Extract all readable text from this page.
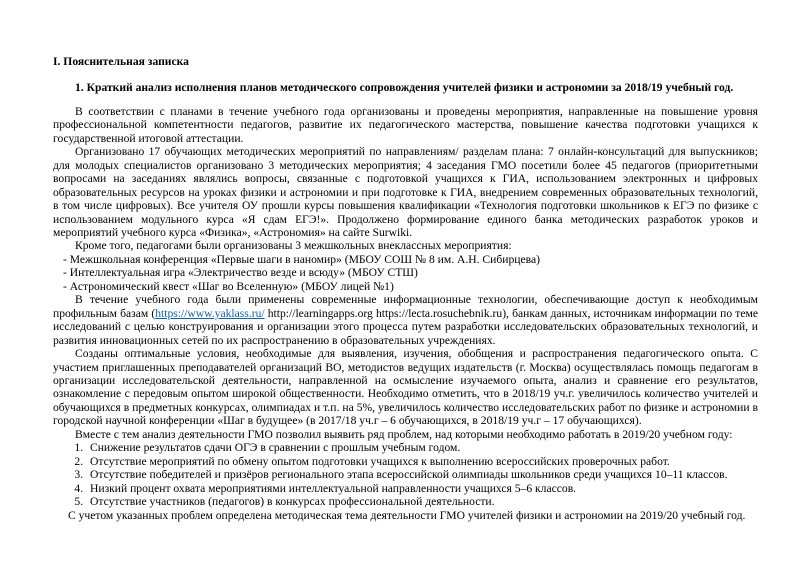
I. Пояснительная записка
1. Краткий анализ исполнения планов методического сопровождения учителей физики и астрономии за 2018/19 учебный год.

В соответствии с планами в течение учебного года организованы и проведены мероприятия, направленные на повышение уровня профессиональной компетентности педагогов, развитие их педагогического мастерства, повышение качества подготовки учащихся к государственной итоговой аттестации.

Организовано 17 обучающих методических мероприятий по направлениям/ разделам плана: 7 онлайн-консультаций для выпускников; для молодых специалистов организовано 3 методических мероприятия; 4 заседания ГМО посетили более 45 педагогов (приоритетными вопросами на заседаниях являлись вопросы, связанные с подготовкой учащихся к ГИА, использованием электронных и цифровых образовательных ресурсов на уроках физики и астрономии и при подготовке к ГИА, внедрением современных образовательных технологий, в том числе цифровых). Все учителя ОУ прошли курсы повышения квалификации «Технология подготовки школьников к ЕГЭ по физике с использованием модульного курса «Я сдам ЕГЭ!». Продолжено формирование единого банка методических разработок уроков и мероприятий учебного курса «Физика», «Астрономия» на сайте Surwiki.

Кроме того, педагогами были организованы 3 межшкольных внеклассных мероприятия:

- Межшкольная конференция «Первые шаги в наномир» (МБОУ СОШ № 8 им. А.Н. Сибирцева)
- Интеллектуальная игра «Электричество везде и всюду» (МБОУ СТШ)
- Астрономический квест «Шаг во Вселенную» (МБОУ лицей №1)

В течение учебного года были применены современные информационные технологии, обеспечивающие доступ к необходимым профильным базам (https://www.yaklass.ru/ http://learningapps.org https://lecta.rosuchebnik.ru), банкам данных, источникам информации по теме исследований с целью конструирования и организации этого процесса путем разработки исследовательских образовательных технологий, и развития инновационных сетей по их распространению в образовательных учреждениях.

Созданы оптимальные условия, необходимые для выявления, изучения, обобщения и распространения педагогического опыта. С участием приглашенных преподавателей организаций ВО, методистов ведущих издательств (г. Москва) осуществлялась помощь педагогам в организации исследовательской деятельности, направленной на осмысление изучаемого опыта, анализ и сравнение его результатов, ознакомление с передовым опытом широкой общественности. Необходимо отметить, что в 2018/19 уч.г. увеличилось количество учителей и обучающихся в предметных конкурсах, олимпиадах и т.п. на 5%, увеличилось количество исследовательских работ по физике и астрономии в городской научной конференции «Шаг в будущее» (в 2017/18 уч.г – 6 обучающихся, в 2018/19 уч.г – 17 обучающихся).

Вместе с тем анализ деятельности ГМО позволил выявить ряд проблем, над которыми необходимо работать в 2019/20 учебном году:

1. Снижение результатов сдачи ОГЭ в сравнении с прошлым учебным годом.
2. Отсутствие мероприятий по обмену опытом подготовки учащихся к выполнению всероссийских проверочных работ.
3. Отсутствие победителей и призёров регионального этапа всероссийской олимпиады школьников среди учащихся 10–11 классов.
4. Низкий процент охвата мероприятиями интеллектуальной направленности учащихся 5–6 классов.
5. Отсутствие участников (педагогов) в конкурсах профессиональной деятельности.

С учетом указанных проблем определена методическая тема деятельности ГМО учителей физики и астрономии на 2019/20 учебный год.
